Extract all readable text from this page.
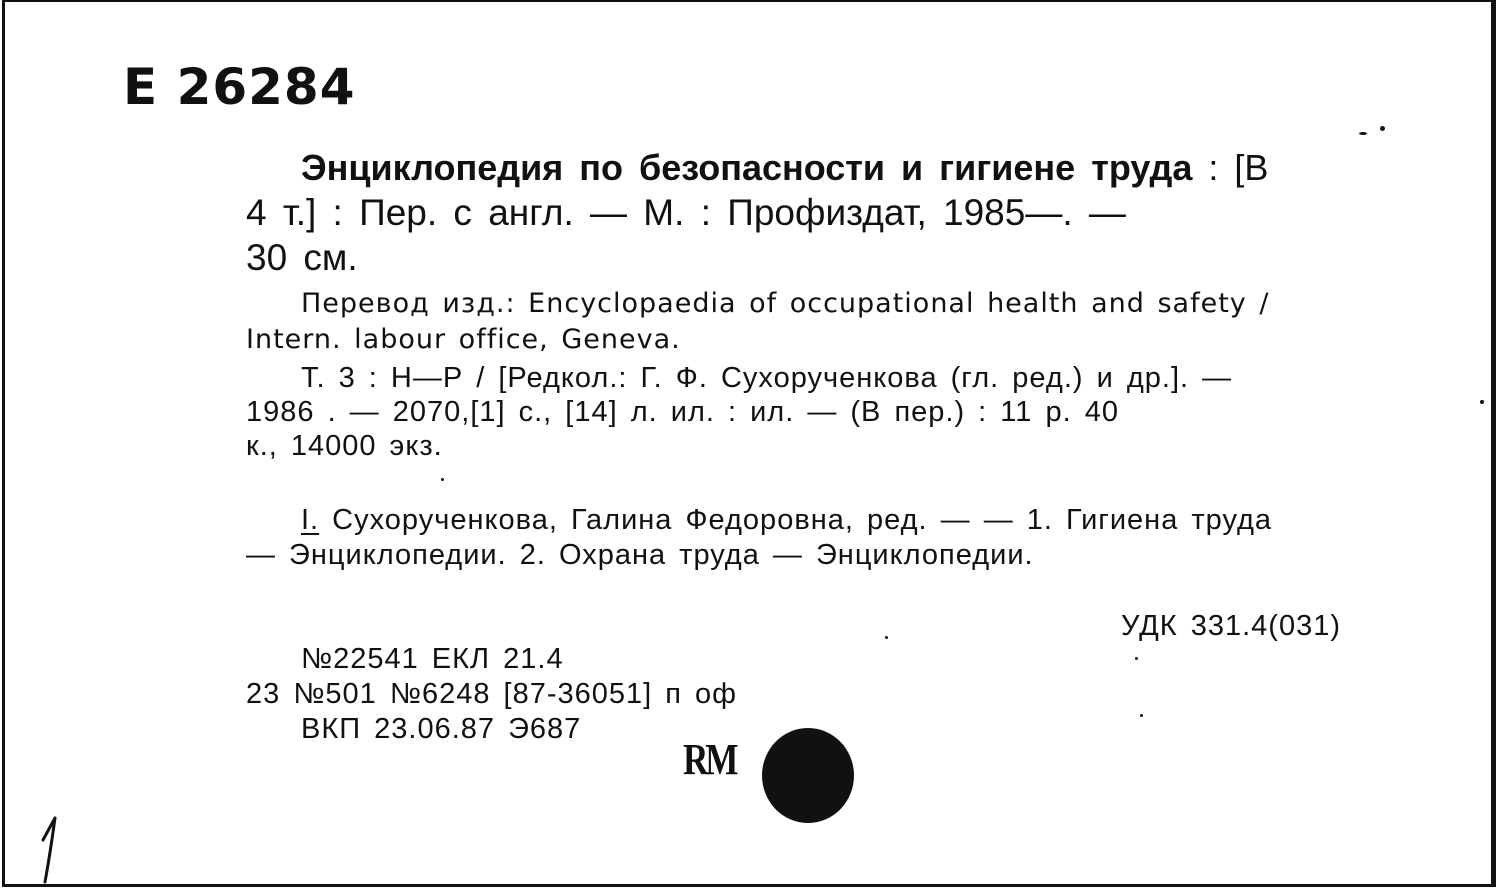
Е 26284
Энциклопедия по безопасности и гигиене труда : [В
4 т.] : Пер. с англ. — М. : Профиздат, 1985—. —
30 см.
Перевод изд.: Encyclopaedia of occupational health and safety /
Intern. labour office, Geneva.
Т. 3 : Н—Р / [Редкол.: Г. Ф. Сухорученкова (гл. ред.) и др.]. —
1986 . — 2070,[1] с., [14] л. ил. : ил. — (В пер.) : 11 р. 40
к., 14000 экз.
I. Сухорученкова, Галина Федоровна, ред. — — 1. Гигиена труда
— Энциклопедии. 2. Охрана труда — Энциклопедии.
УДК 331.4(031)
№22541 ЕКЛ 21.4
23 №501 №6248 [87-36051] п оф
ВКП 23.06.87 Э687
RM
